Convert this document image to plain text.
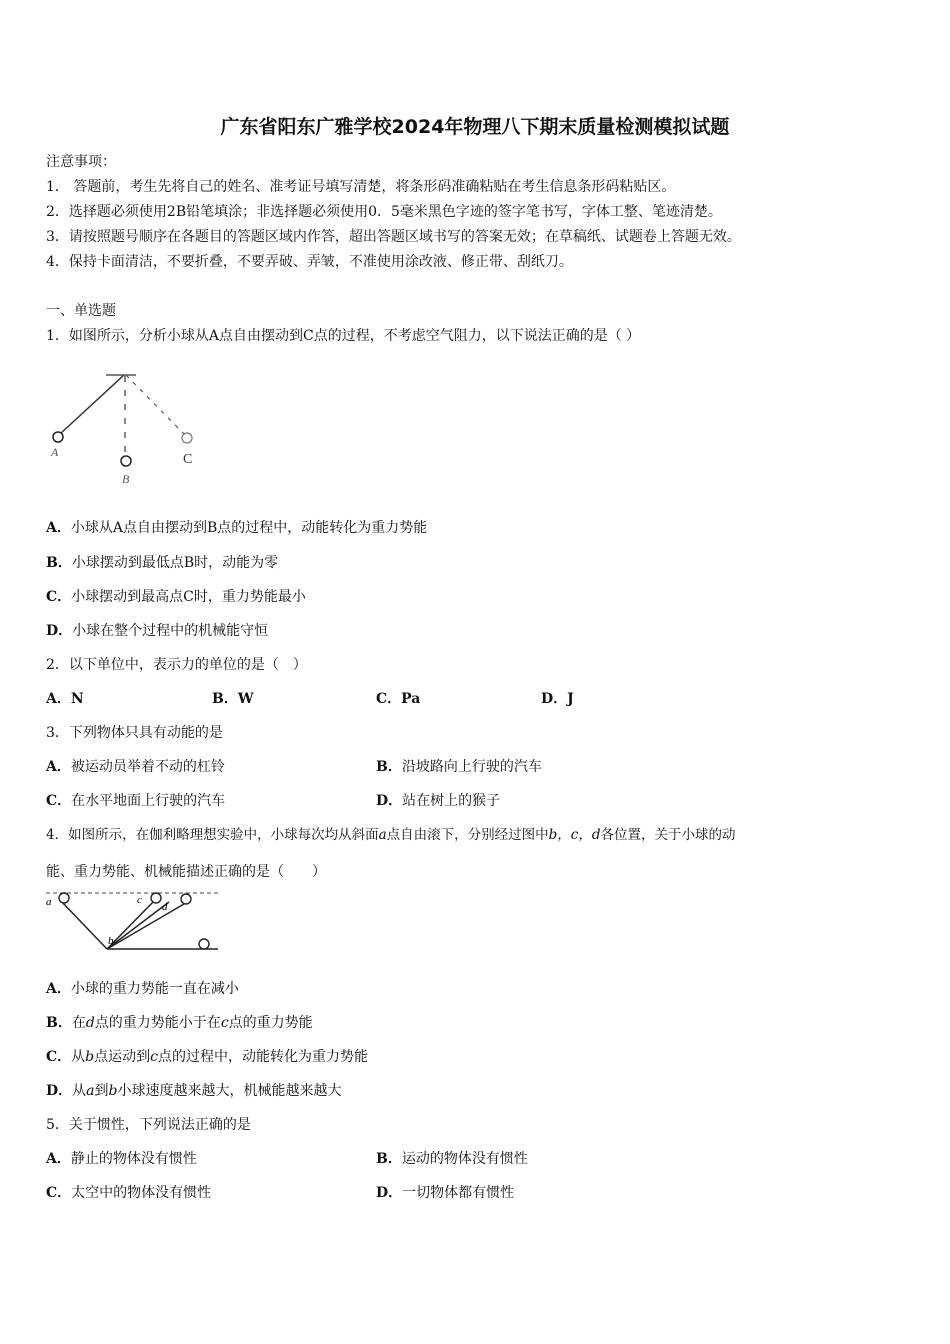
广东省阳东广雅学校2024年物理八下期末质量检测模拟试题
注意事项：
1． 答题前，考生先将自己的姓名、准考证号填写清楚，将条形码准确粘贴在考生信息条形码粘贴区。
2．选择题必须使用2B铅笔填涂；非选择题必须使用0．5毫米黑色字迹的签字笔书写，字体工整、笔迹清楚。
3．请按照题号顺序在各题目的答题区域内作答，超出答题区域书写的答案无效；在草稿纸、试题卷上答题无效。
4．保持卡面清洁，不要折叠，不要弄破、弄皱，不准使用涂改液、修正带、刮纸刀。
一、单选题
1．如图所示，分析小球从A点自由摆动到C点的过程，不考虑空气阻力，以下说法正确的是（ ）
A
B
C
A．小球从A点自由摆动到B点的过程中，动能转化为重力势能
B．小球摆动到最低点B时，动能为零
C．小球摆动到最高点C时，重力势能最小
D．小球在整个过程中的机械能守恒
2．以下单位中，表示力的单位的是（　）
A．N	B．W	C．Pa	D．J
3．下列物体只具有动能的是
A．被运动员举着不动的杠铃	B．沿坡路向上行驶的汽车
C．在水平地面上行驶的汽车	D．站在树上的猴子
4．如图所示，在伽利略理想实验中，小球每次均从斜面a点自由滚下，分别经过图中b，c，d各位置，关于小球的动
能、重力势能、机械能描述正确的是（　　）
a
b
c
d
A．小球的重力势能一直在减小
B．在d点的重力势能小于在c点的重力势能
C．从b点运动到c点的过程中，动能转化为重力势能
D．从a到b小球速度越来越大，机械能越来越大
5．关于惯性，下列说法正确的是
A．静止的物体没有惯性	B．运动的物体没有惯性
C．太空中的物体没有惯性	D．一切物体都有惯性
